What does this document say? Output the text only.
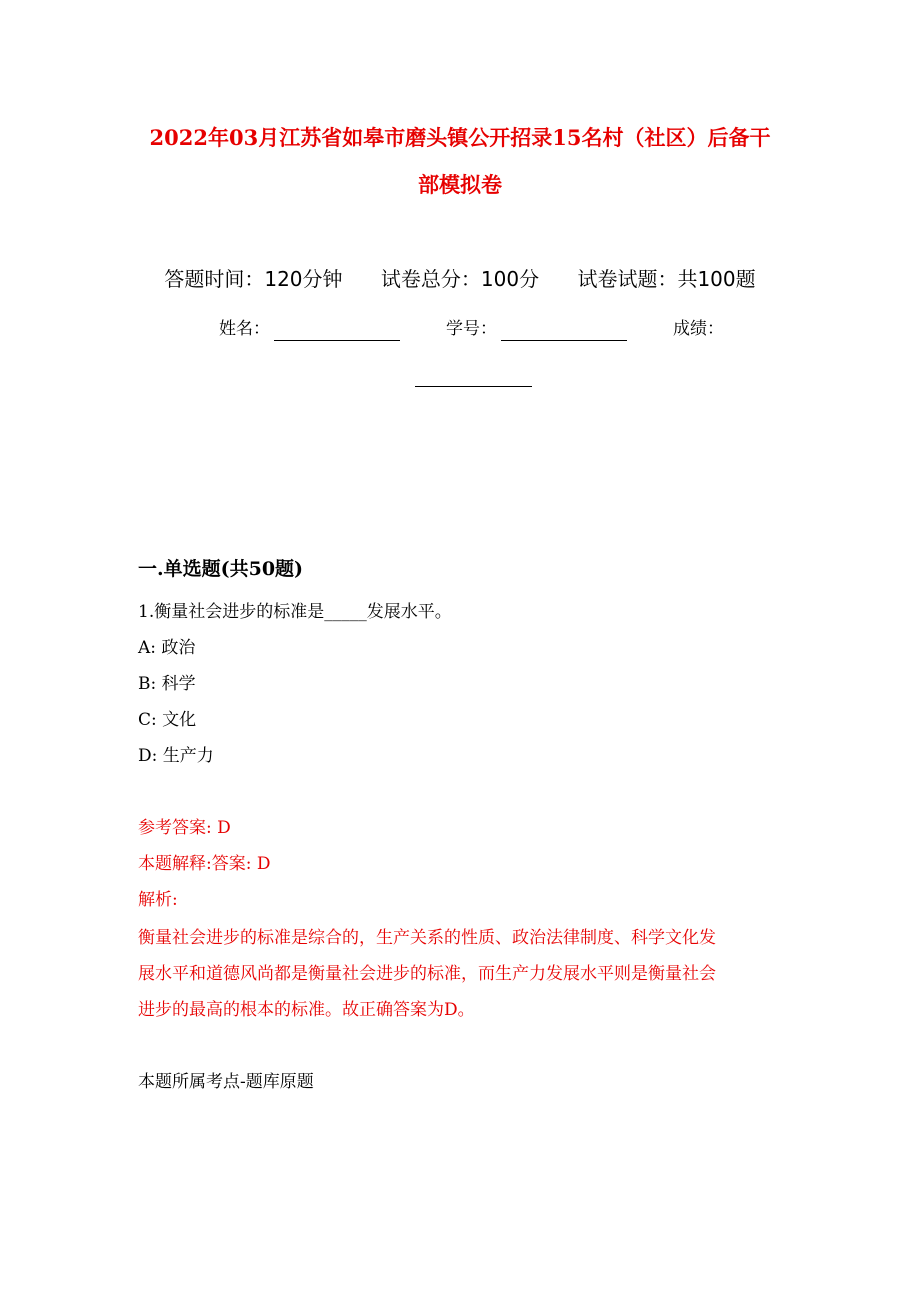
2022年03月江苏省如皋市磨头镇公开招录15名村（社区）后备干
部模拟卷
答题时间：120分钟 试卷总分：100分 试卷试题：共100题
姓名：	学号：	成绩：
一.单选题(共50题)
1.衡量社会进步的标准是_____发展水平。
A: 政治
B: 科学
C: 文化
D: 生产力
参考答案: D
本题解释:答案: D
解析:
衡量社会进步的标准是综合的，生产关系的性质、政治法律制度、科学文化发
展水平和道德风尚都是衡量社会进步的标准，而生产力发展水平则是衡量社会
进步的最高的根本的标准。故正确答案为D。
本题所属考点-题库原题
